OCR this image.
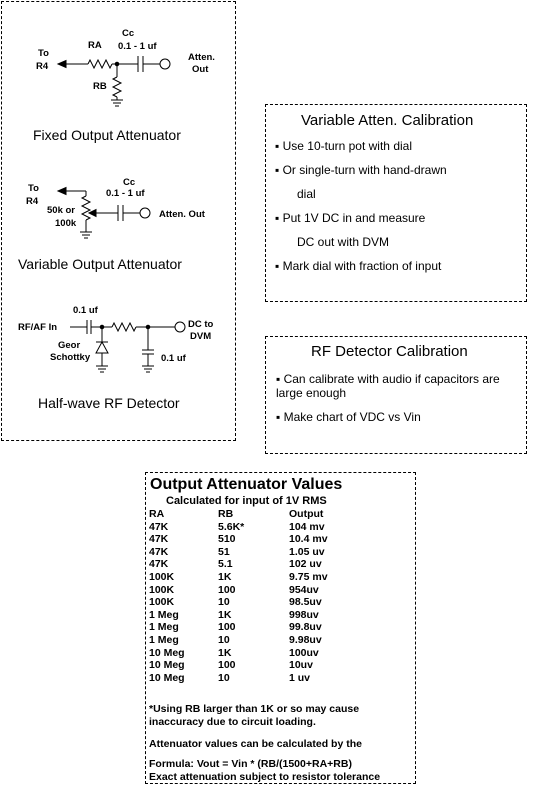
To
R4
RA
RB
Cc
0.1 - 1 uf
Atten.
Out
To
R4
50k or
100k
Cc
0.1 - 1 uf
Atten. Out
0.1 uf
RF/AF In
Geor
Schottky
DC to
DVM
0.1 uf
Fixed Output Attenuator
Variable Output Attenuator
Half-wave RF Detector
Variable Atten. Calibration
▪ Use 10-turn pot with dial
▪ Or single-turn with hand-drawn
dial
▪ Put 1V DC in and measure
DC out with DVM
▪ Mark dial with fraction of input
RF Detector Calibration
▪ Can calibrate with audio if capacitors are large enough
▪ Make chart of VDC vs Vin
Output Attenuator Values
Calculated for input of 1V RMS
RA	RB	Output
47K	5.6K*	104 mv
47K	510	10.4 mv
47K	51	1.05 uv
47K	5.1	102 uv
100K	1K	9.75 mv
100K	100	954uv
100K	10	98.5uv
1 Meg	1K	998uv
1 Meg	100	99.8uv
1 Meg	10	9.98uv
10 Meg	1K	100uv
10 Meg	100	10uv
10 Meg	10	1 uv
*Using RB larger than 1K or so may cause
inaccuracy due to circuit loading.
Attenuator values can be calculated by the
Formula: Vout = Vin * (RB/(1500+RA+RB)
Exact attenuation subject to resistor tolerance
